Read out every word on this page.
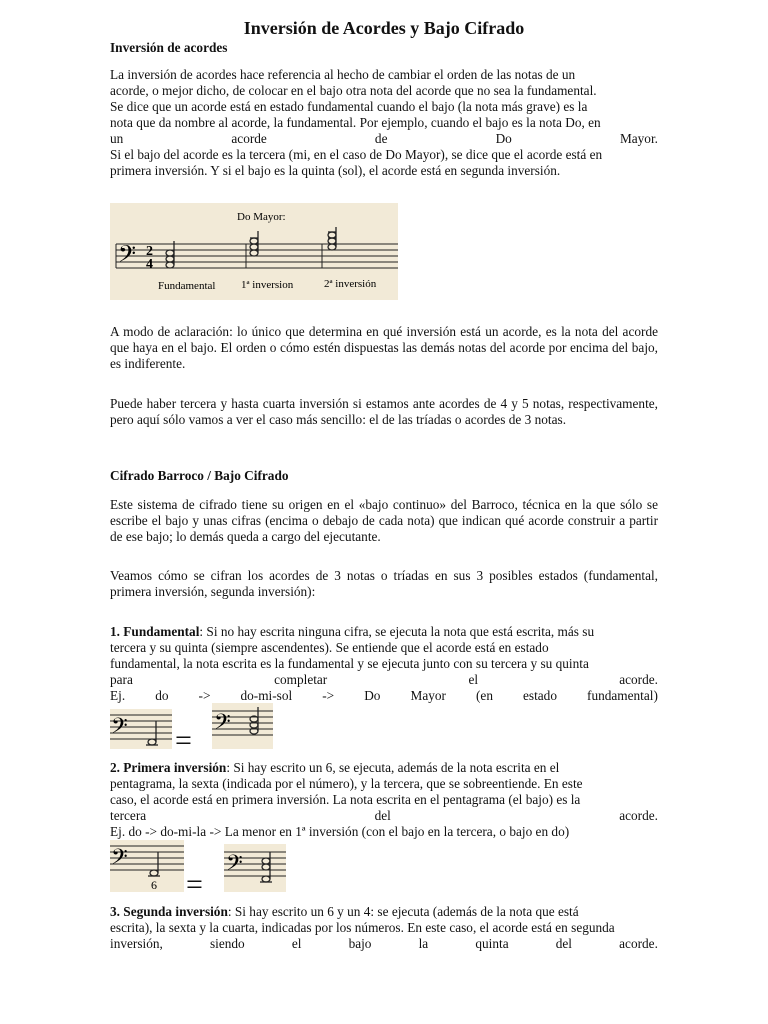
Inversión de Acordes y Bajo Cifrado
Inversión de acordes
La inversión de acordes hace referencia al hecho de cambiar el orden de las notas de un
acorde, o mejor dicho, de colocar en el bajo otra nota del acorde que no sea la fundamental.
Se dice que un acorde está en estado fundamental cuando el bajo (la nota más grave) es la
nota que da nombre al acorde, la fundamental. Por ejemplo, cuando el bajo es la nota Do, en
un	acorde	de	Do	Mayor.
Si el bajo del acorde es la tercera (mi, en el caso de Do Mayor), se dice que el acorde está en
primera inversión. Y si el bajo es la quinta (sol), el acorde está en segunda inversión.
Do Mayor:
𝄢 2
4
Fundamental 1ª inversion	2ª inversión
A modo de aclaración: lo único que determina en qué inversión está un acorde, es la nota del acorde que haya en el bajo. El orden o cómo estén dispuestas las demás notas del acorde por encima del bajo, es indiferente.
Puede haber tercera y hasta cuarta inversión si estamos ante acordes de 4 y 5 notas, respectivamente, pero aquí sólo vamos a ver el caso más sencillo: el de las tríadas o acordes de 3 notas.
Cifrado Barroco / Bajo Cifrado
Este sistema de cifrado tiene su origen en el «bajo continuo» del Barroco, técnica en la que sólo se escribe el bajo y unas cifras (encima o debajo de cada nota) que indican qué acorde construir a partir de ese bajo; lo demás queda a cargo del ejecutante.
Veamos cómo se cifran los acordes de 3 notas o tríadas en sus 3 posibles estados (fundamental, primera inversión, segunda inversión):
1. Fundamental: Si no hay escrita ninguna cifra, se ejecuta la nota que está escrita, más su
tercera y su quinta (siempre ascendentes). Se entiende que el acorde está en estado
fundamental, la nota escrita es la fundamental y se ejecuta junto con su tercera y su quinta
para	completar	el	acorde.
Ej. do -> do-mi-sol -> Do Mayor (en estado fundamental)
𝄢 = 𝄢
2. Primera inversión: Si hay escrito un 6, se ejecuta, además de la nota escrita en el
pentagrama, la sexta (indicada por el número), y la tercera, que se sobreentiende. En este
caso, el acorde está en primera inversión. La nota escrita en el pentagrama (el bajo) es la
tercera	del	acorde.
Ej. do -> do-mi-la -> La menor en 1ª inversión (con el bajo en la tercera, o bajo en do)
𝄢
6 =
𝄢
3. Segunda inversión: Si hay escrito un 6 y un 4: se ejecuta (además de la nota que está
escrita), la sexta y la cuarta, indicadas por los números. En este caso, el acorde está en segunda
inversión,	siendo	el	bajo	la	quinta	del	acorde.
